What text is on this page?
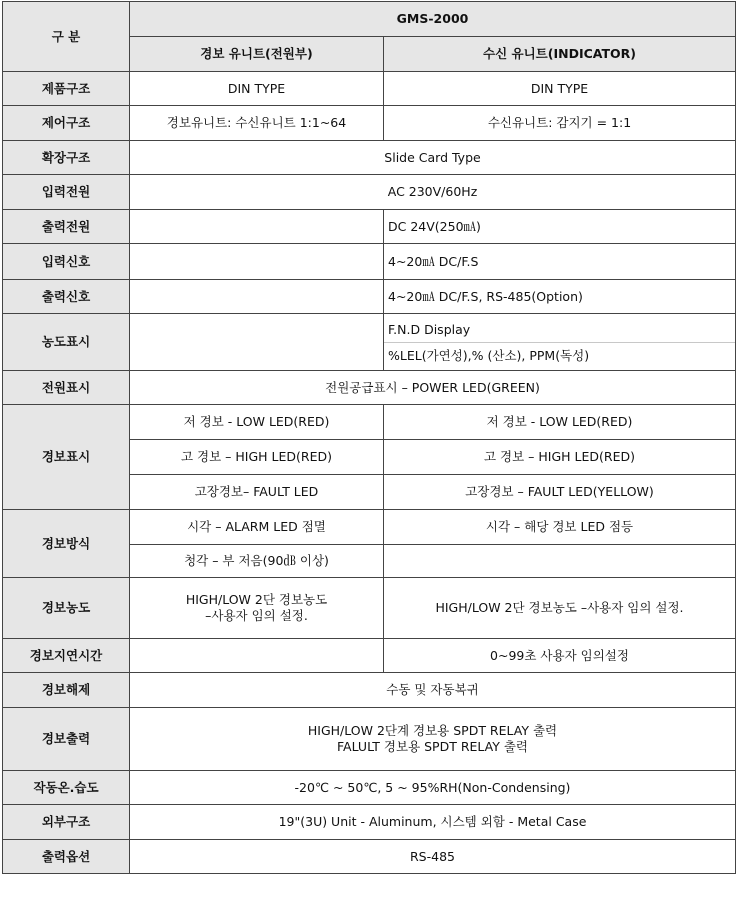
구 분	GMS-2000	
	경보 유니트(전원부)	수신 유니트(INDICATOR)
제품구조	DIN TYPE	DIN TYPE
제어구조	경보유니트: 수신유니트 1:1~64	수신유니트: 감지기 = 1:1
확장구조	Slide Card Type	
입력전원	AC 230V/60Hz	
출력전원		DC 24V(250㎃)
입력신호		4~20㎃ DC/F.S
출력신호		4~20㎃ DC/F.S, RS-485(Option)
농도표시		F.N.D Display
%LEL(가연성),% (산소), PPM(독성)

전원표시	전원공급표시 – POWER LED(GREEN)	
경보표시	저 경보 - LOW LED(RED)	저 경보 - LOW LED(RED)
	고 경보 – HIGH LED(RED)	고 경보 – HIGH LED(RED)
	고장경보– FAULT LED	고장경보 – FAULT LED(YELLOW)
경보방식	시각 – ALARM LED 점멸	시각 – 해당 경보 LED 점등
	청각 – 부 저음(90㏈ 이상)	
경보농도	HIGH/LOW 2단 경보농도
–사용자 임의 설정.	HIGH/LOW 2단 경보농도 –사용자 임의 설정.
경보지연시간		0~99초 사용자 임의설정
경보해제	수동 및 자동복귀	
경보출력	HIGH/LOW 2단계 경보용 SPDT RELAY 출력
FALULT 경보용 SPDT RELAY 출력	

작동온.습도	-20℃ ~ 50℃, 5 ~ 95%RH(Non-Condensing)	
외부구조	19"(3U) Unit - Aluminum, 시스템 외함 - Metal Case	
출력옵션	RS-485	
